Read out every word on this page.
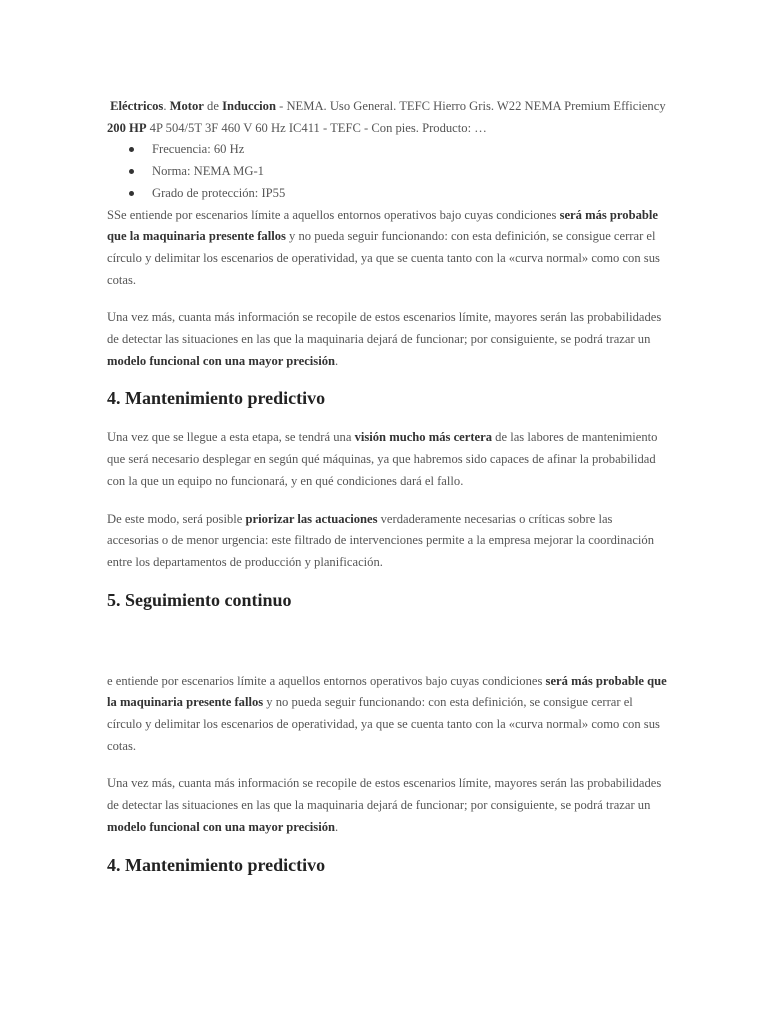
Eléctricos. Motor de Induccion - NEMA. Uso General. TEFC Hierro Gris. W22 NEMA Premium Efficiency 200 HP 4P 504/5T 3F 460 V 60 Hz IC411 - TEFC - Con pies. Producto: …

Frecuencia: 60 Hz
Norma: NEMA MG-1
Grado de protección: IP55

SSe entiende por escenarios límite a aquellos entornos operativos bajo cuyas condiciones será más probable que la maquinaria presente fallos y no pueda seguir funcionando: con esta definición, se consigue cerrar el círculo y delimitar los escenarios de operatividad, ya que se cuenta tanto con la «curva normal» como con sus cotas.

Una vez más, cuanta más información se recopile de estos escenarios límite, mayores serán las probabilidades de detectar las situaciones en las que la maquinaria dejará de funcionar; por consiguiente, se podrá trazar un modelo funcional con una mayor precisión.

4. Mantenimiento predictivo

Una vez que se llegue a esta etapa, se tendrá una visión mucho más certera de las labores de mantenimiento que será necesario desplegar en según qué máquinas, ya que habremos sido capaces de afinar la probabilidad con la que un equipo no funcionará, y en qué condiciones dará el fallo.

De este modo, será posible priorizar las actuaciones verdaderamente necesarias o críticas sobre las accesorias o de menor urgencia: este filtrado de intervenciones permite a la empresa mejorar la coordinación entre los departamentos de producción y planificación.

5. Seguimiento continuo

e entiende por escenarios límite a aquellos entornos operativos bajo cuyas condiciones será más probable que la maquinaria presente fallos y no pueda seguir funcionando: con esta definición, se consigue cerrar el círculo y delimitar los escenarios de operatividad, ya que se cuenta tanto con la «curva normal» como con sus cotas.

Una vez más, cuanta más información se recopile de estos escenarios límite, mayores serán las probabilidades de detectar las situaciones en las que la maquinaria dejará de funcionar; por consiguiente, se podrá trazar un modelo funcional con una mayor precisión.

4. Mantenimiento predictivo
